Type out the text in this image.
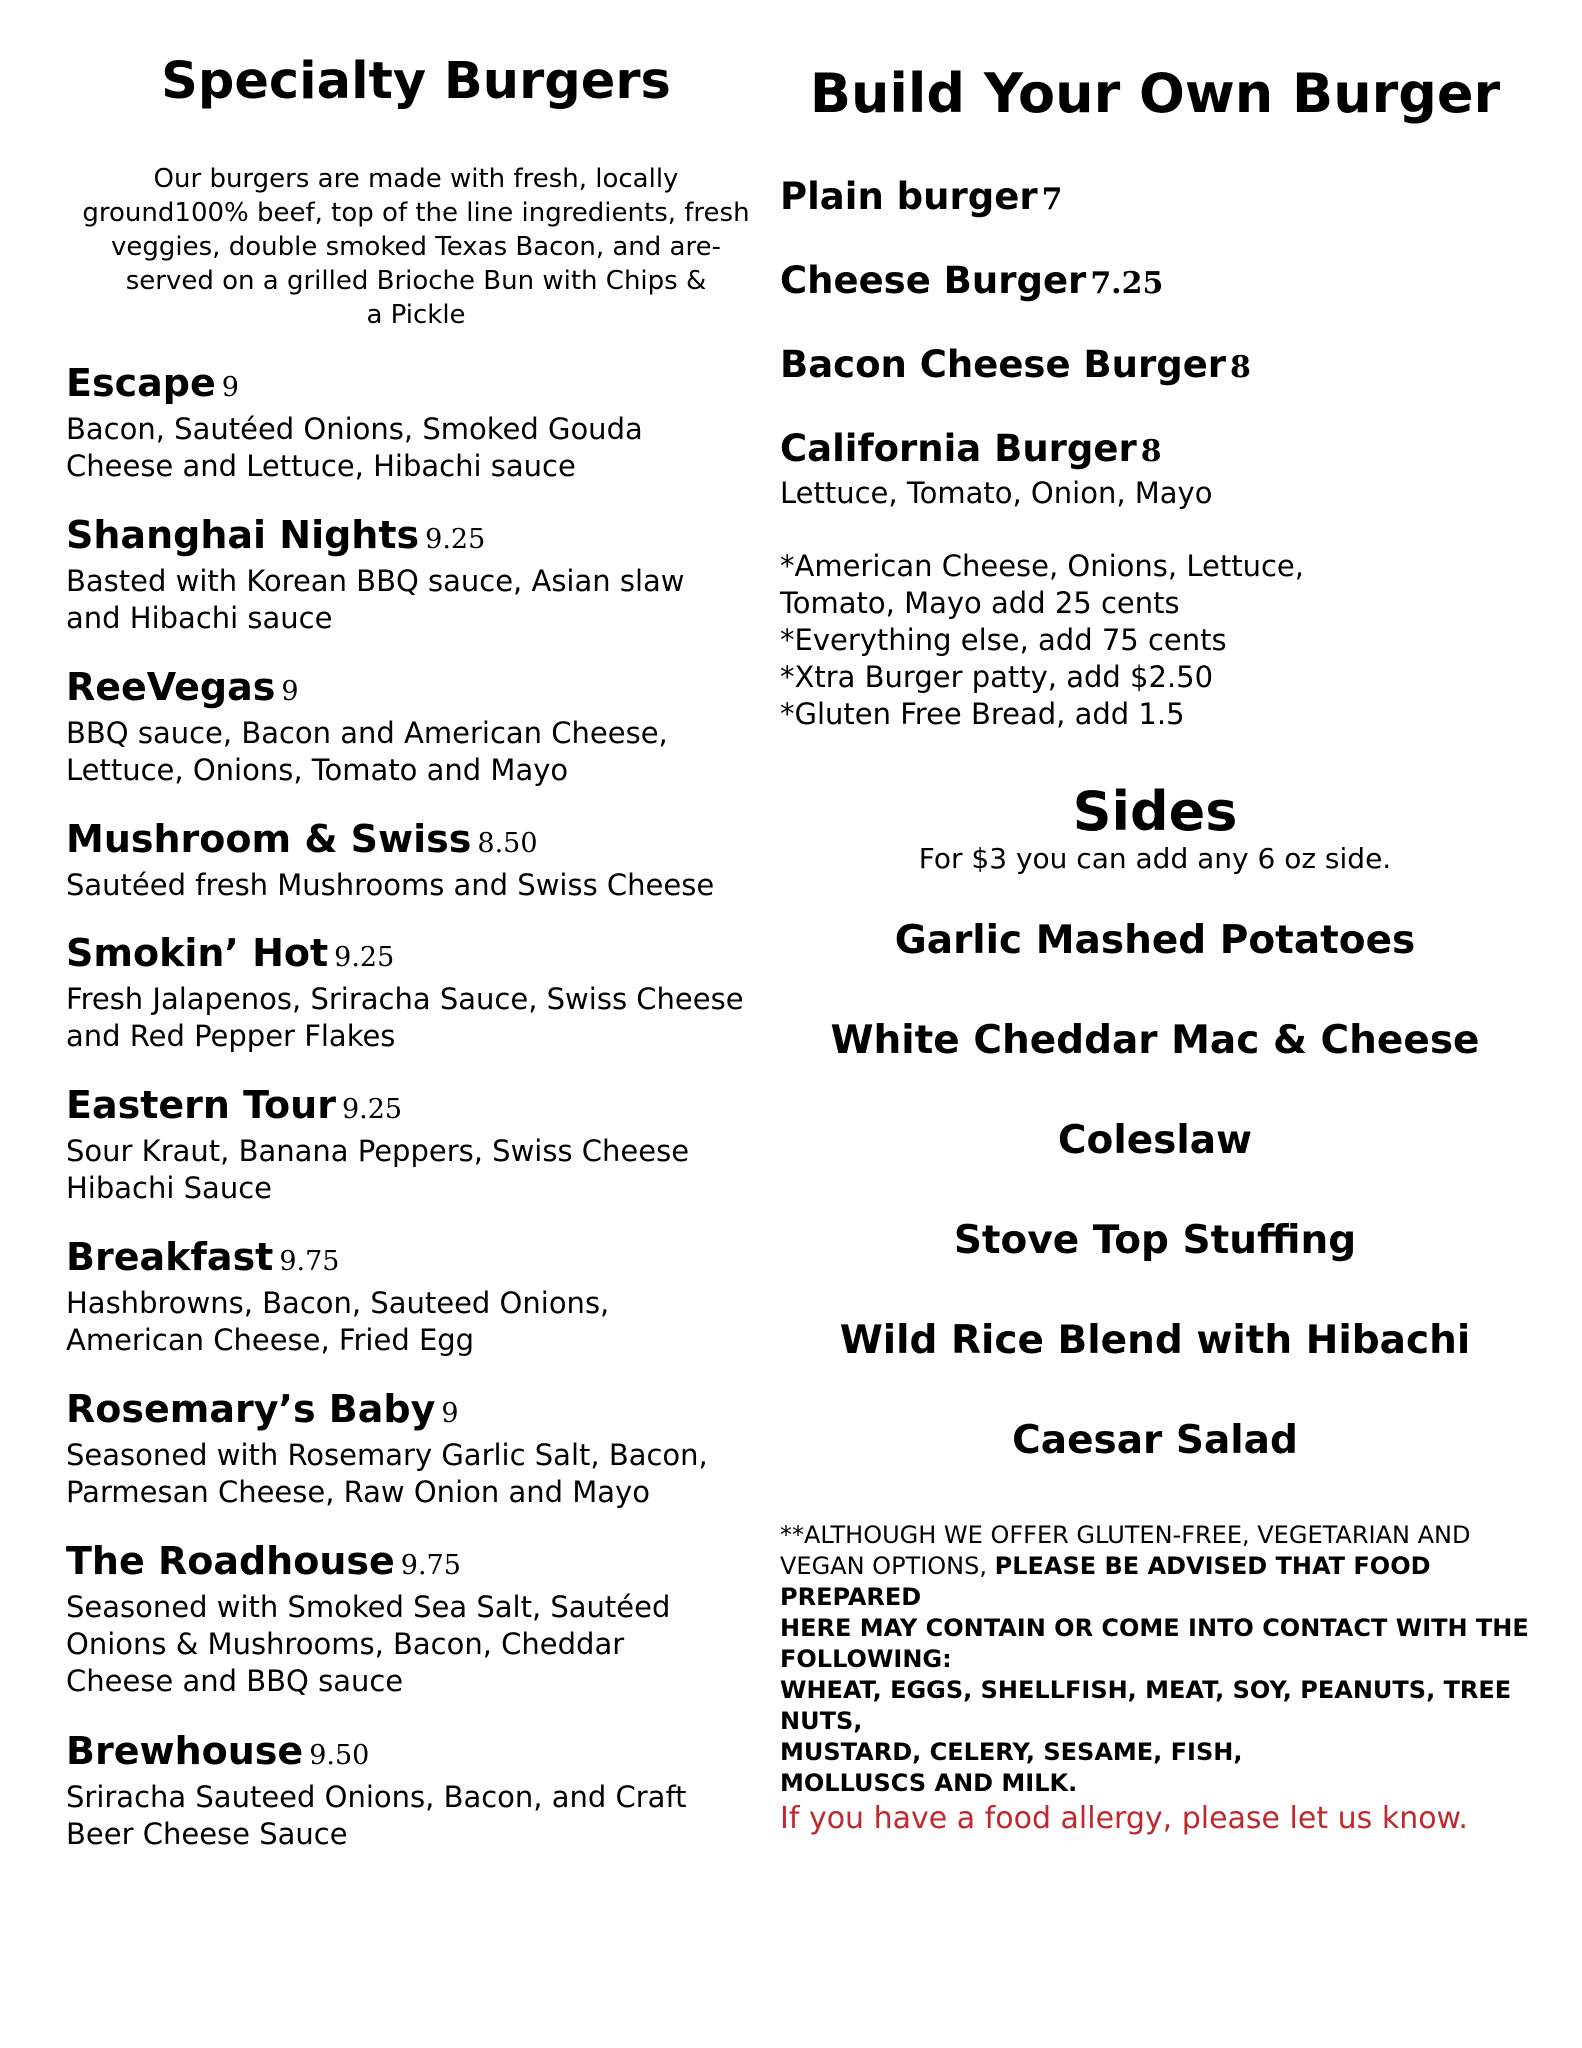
Specialty Burgers
Our burgers are made with fresh, locally
ground100% beef, top of the line ingredients, fresh
veggies, double smoked Texas Bacon, and are-
served on a grilled Brioche Bun with Chips &
a Pickle
Escape 9
Bacon, Sautéed Onions, Smoked Gouda
Cheese and Lettuce, Hibachi sauce
Shanghai Nights 9.25
Basted with Korean BBQ sauce, Asian slaw
and Hibachi sauce
ReeVegas 9
BBQ sauce, Bacon and American Cheese,
Lettuce, Onions, Tomato and Mayo
Mushroom & Swiss 8.50
Sautéed fresh Mushrooms and Swiss Cheese
Smokin’ Hot 9.25
Fresh Jalapenos, Sriracha Sauce, Swiss Cheese
and Red Pepper Flakes
Eastern Tour 9.25
Sour Kraut, Banana Peppers, Swiss Cheese
Hibachi Sauce
Breakfast 9.75
Hashbrowns, Bacon, Sauteed Onions,
American Cheese, Fried Egg
Rosemary’s Baby 9
Seasoned with Rosemary Garlic Salt, Bacon,
Parmesan Cheese, Raw Onion and Mayo
The Roadhouse 9.75
Seasoned with Smoked Sea Salt, Sautéed
Onions & Mushrooms, Bacon, Cheddar
Cheese and BBQ sauce
Brewhouse 9.50
Sriracha Sauteed Onions, Bacon, and Craft
Beer Cheese Sauce
Build Your Own Burger
Plain burger 7
Cheese Burger 7.25
Bacon Cheese Burger 8
California Burger 8
Lettuce, Tomato, Onion, Mayo
*American Cheese, Onions, Lettuce,
Tomato, Mayo add 25 cents
*Everything else, add 75 cents
*Xtra Burger patty, add $2.50
*Gluten Free Bread, add 1.5
Sides
For $3 you can add any 6 oz side.
Garlic Mashed Potatoes
White Cheddar Mac & Cheese
Coleslaw
Stove Top Stuffing
Wild Rice Blend with Hibachi
Caesar Salad
**ALTHOUGH WE OFFER GLUTEN-FREE, VEGETARIAN AND
VEGAN OPTIONS, PLEASE BE ADVISED THAT FOOD PREPARED
HERE MAY CONTAIN OR COME INTO CONTACT WITH THE
FOLLOWING:
WHEAT, EGGS, SHELLFISH, MEAT, SOY, PEANUTS, TREE NUTS,
MUSTARD, CELERY, SESAME, FISH,
MOLLUSCS AND MILK.
If you have a food allergy, please let us know.
